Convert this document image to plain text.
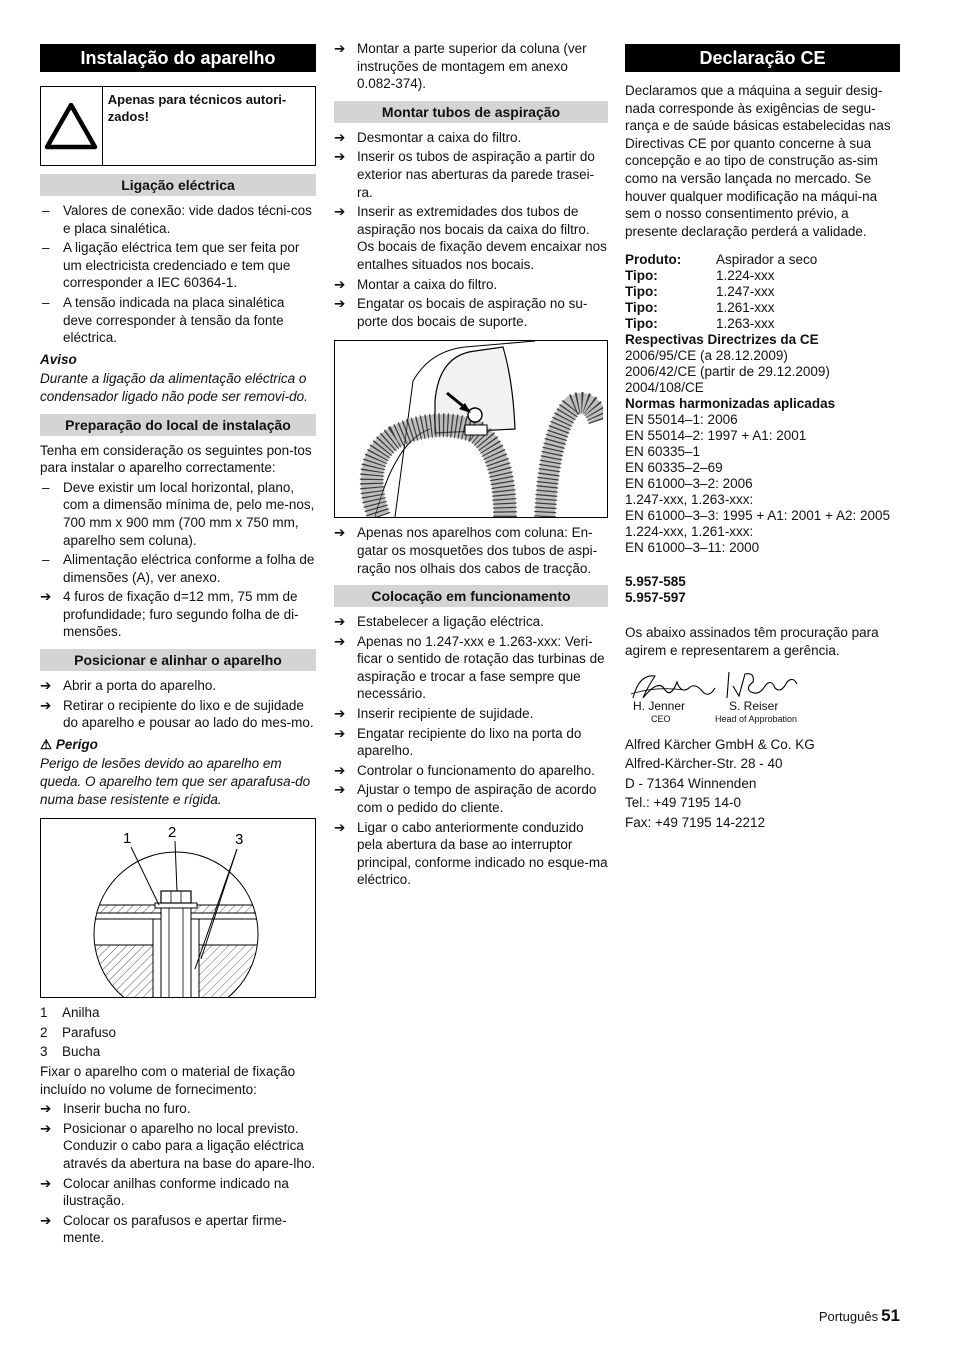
Instalação do aparelho
Apenas para técnicos autori-zados!
Ligação eléctrica
– Valores de conexão: vide dados técni-cos e placa sinalética.
– A ligação eléctrica tem que ser feita por um electricista credenciado e tem que corresponder a IEC 60364-1.
– A tensão indicada na placa sinalética deve corresponder à tensão da fonte eléctrica.
Aviso
Durante a ligação da alimentação eléctrica o condensador ligado não pode ser removi-do.
Preparação do local de instalação
Tenha em consideração os seguintes pon-tos para instalar o aparelho correctamente:
– Deve existir um local horizontal, plano, com a dimensão mínima de, pelo me-nos, 700 mm x 900 mm (700 mm x 750 mm, aparelho sem coluna).
– Alimentação eléctrica conforme a folha de dimensões (A), ver anexo.
➔ 4 furos de fixação d=12 mm, 75 mm de profundidade; furo segundo folha de di-mensões.
Posicionar e alinhar o aparelho
➔ Abrir a porta do aparelho.
➔ Retirar o recipiente do lixo e de sujidade do aparelho e pousar ao lado do mes-mo.
⚠ Perigo
Perigo de lesões devido ao aparelho em queda. O aparelho tem que ser aparafusa-do numa base resistente e rígida.
1 2	3
1 Anilha
2 Parafuso
3 Bucha
Fixar o aparelho com o material de fixação incluído no volume de fornecimento:
➔ Inserir bucha no furo.
➔ Posicionar o aparelho no local previsto. Conduzir o cabo para a ligação eléctrica através da abertura na base do apare-lho.
➔ Colocar anilhas conforme indicado na ilustração.
➔ Colocar os parafusos e apertar firme-mente.
➔ Montar a parte superior da coluna (ver instruções de montagem em anexo 0.082-374).
Montar tubos de aspiração
➔ Desmontar a caixa do filtro.
➔ Inserir os tubos de aspiração a partir do exterior nas aberturas da parede trasei-ra.
➔ Inserir as extremidades dos tubos de aspiração nos bocais da caixa do filtro. Os bocais de fixação devem encaixar nos entalhes situados nos bocais.
➔ Montar a caixa do filtro.
➔ Engatar os bocais de aspiração no su-porte dos bocais de suporte.
➔ Apenas nos aparelhos com coluna: En-gatar os mosquetões dos tubos de aspi-ração nos olhais dos cabos de tracção.
Colocação em funcionamento
➔ Estabelecer a ligação eléctrica.
➔ Apenas no 1.247-xxx e 1.263-xxx: Veri-ficar o sentido de rotação das turbinas de aspiração e trocar a fase sempre que necessário.
➔ Inserir recipiente de sujidade.
➔ Engatar recipiente do lixo na porta do aparelho.
➔ Controlar o funcionamento do aparelho.
➔ Ajustar o tempo de aspiração de acordo com o pedido do cliente.
➔ Ligar o cabo anteriormente conduzido pela abertura da base ao interruptor principal, conforme indicado no esque-ma eléctrico.
Declaração CE
Declaramos que a máquina a seguir desig-nada corresponde às exigências de segu-rança e de saúde básicas estabelecidas nas Directivas CE por quanto concerne à sua concepção e ao tipo de construção as-sim como na versão lançada no mercado. Se houver qualquer modificação na máqui-na sem o nosso consentimento prévio, a presente declaração perderá a validade.
Produto:	Aspirador a seco
Tipo:	1.224-xxx
Tipo:	1.247-xxx
Tipo:	1.261-xxx
Tipo:	1.263-xxx
Respectivas Directrizes da CE
2006/95/CE (a 28.12.2009)
2006/42/CE (partir de 29.12.2009)
2004/108/CE
Normas harmonizadas aplicadas
EN 55014–1: 2006
EN 55014–2: 1997 + A1: 2001
EN 60335–1
EN 60335–2–69
EN 61000–3–2: 2006
1.247-xxx, 1.263-xxx:
EN 61000–3–3: 1995 + A1: 2001 + A2: 2005
1.224-xxx, 1.261-xxx:
EN 61000–3–11: 2000
5.957-585
5.957-597
Os abaixo assinados têm procuração para agirem e representarem a gerência.
H. Jenner
CEO
S. Reiser
Head of Approbation
Alfred Kärcher GmbH & Co. KG
Alfred-Kärcher-Str. 28 - 40
D - 71364 Winnenden
Tel.: +49 7195 14-0
Fax: +49 7195 14-2212
Português 51
